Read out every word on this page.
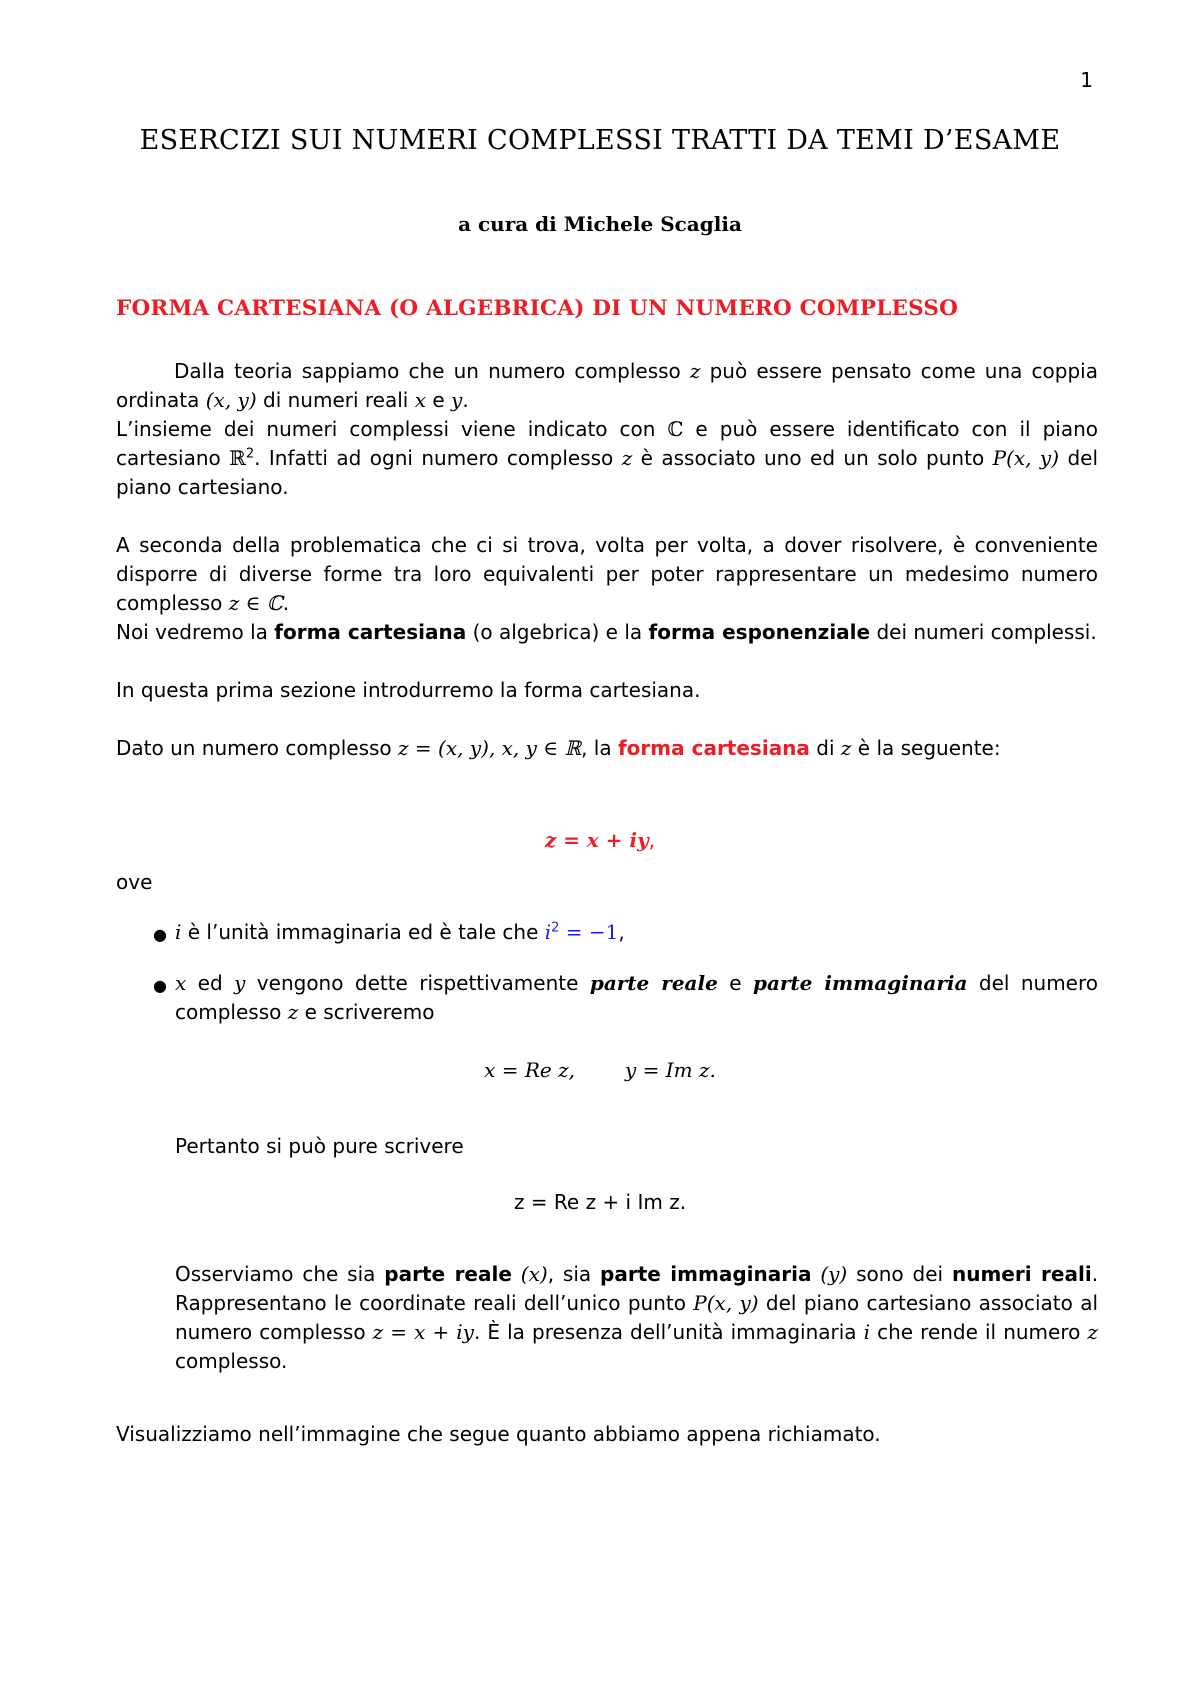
1
ESERCIZI SUI NUMERI COMPLESSI TRATTI DA TEMI D’ESAME
a cura di Michele Scaglia
FORMA CARTESIANA (O ALGEBRICA) DI UN NUMERO COMPLESSO
Dalla teoria sappiamo che un numero complesso z può essere pensato come una coppia ordinata (x, y) di numeri reali x e y.
L’insieme dei numeri complessi viene indicato con ℂ e può essere identificato con il piano cartesiano ℝ$^2$. Infatti ad ogni numero complesso z è associato uno ed un solo punto P(x, y) del piano cartesiano.
A seconda della problematica che ci si trova, volta per volta, a dover risolvere, è conveniente disporre di diverse forme tra loro equivalenti per poter rappresentare un medesimo numero complesso z ∈ ℂ.
Noi vedremo la forma cartesiana (o algebrica) e la forma esponenziale dei numeri complessi.
In questa prima sezione introdurremo la forma cartesiana.
Dato un numero complesso z = (x, y), x, y ∈ ℝ, la forma cartesiana di z è la seguente:
z = x + iy,
ove
● i è l’unità immaginaria ed è tale che $i^2 = -1$,
● x ed y vengono dette rispettivamente parte reale e parte immaginaria del numero complesso z e scriveremo
x = Re z,	y = Im z.
Pertanto si può pure scrivere
z = Re z + i Im z.
Osserviamo che sia parte reale (x), sia parte immaginaria (y) sono dei numeri reali. Rappresentano le coordinate reali dell’unico punto P(x, y) del piano cartesiano associato al numero complesso z = x + iy. È la presenza dell’unità immaginaria i che rende il numero z complesso.
Visualizziamo nell’immagine che segue quanto abbiamo appena richiamato.
